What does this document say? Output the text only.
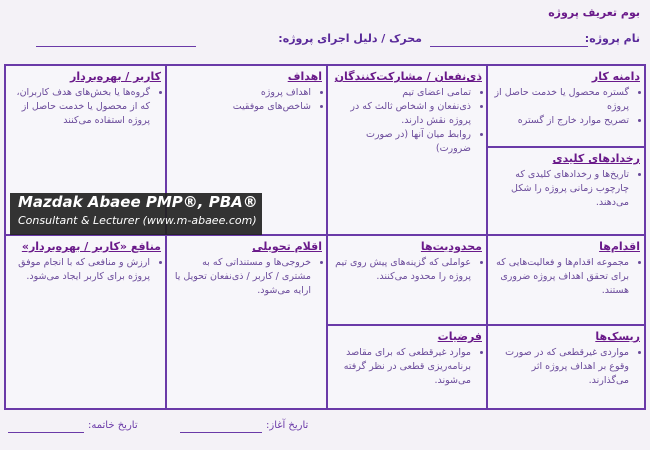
بوم تعریف پروژه
نام پروژه:
محرک / دلیل اجرای پروژه:
دامنه کار
• گستره محصول یا خدمت حاصل از پروژه
• تصریح موارد خارج از گستره
رخدادهای کلیدی
• تاریخ‌ها و رخدادهای کلیدی که چارچوب زمانی پروژه را شکل می‌دهند.
ذی‌نفعان / مشارکت‌کنندگان
• تمامی اعضای تیم
• ذی‌نفعان و اشخاص ثالث که در پروژه نقش دارند.
• روابط میان آنها (در صورت ضرورت)
اهداف
• اهداف پروژه
• شاخص‌های موفقیت
کاربر / بهره‌بردار
• گروه‌ها یا بخش‌های هدف کاربران، که از محصول یا خدمت حاصل از پروژه استفاده می‌کنند
اقدام‌ها
• مجموعه اقدام‌ها و فعالیت‌هایی که برای تحقق اهداف پروژه ضروری هستند.
ریسک‌ها
• مواردی غیرقطعی که در صورت وقوع بر اهداف پروژه اثر می‌گذارند.
محدودیت‌ها
• عواملی که گزینه‌های پیش روی تیم پروژه را محدود می‌کنند.
فرضیات
• موارد غیرقطعی که برای مقاصد برنامه‌ریزی قطعی در نظر گرفته می‌شوند.
اقلام تحویلی
• خروجی‌ها و مستنداتی که به مشتری / کاربر / ذی‌نفعان تحویل یا ارایه می‌شود.
منافع «کاربر / بهره‌بردار»
• ارزش و منافعی که با انجام موفق پروژه برای کاربر ایجاد می‌شود.
Mazdak Abaee PMP®, PBA®
Consultant & Lecturer (www.m-abaee.com)
تاریخ آغاز:
تاریخ خاتمه:
